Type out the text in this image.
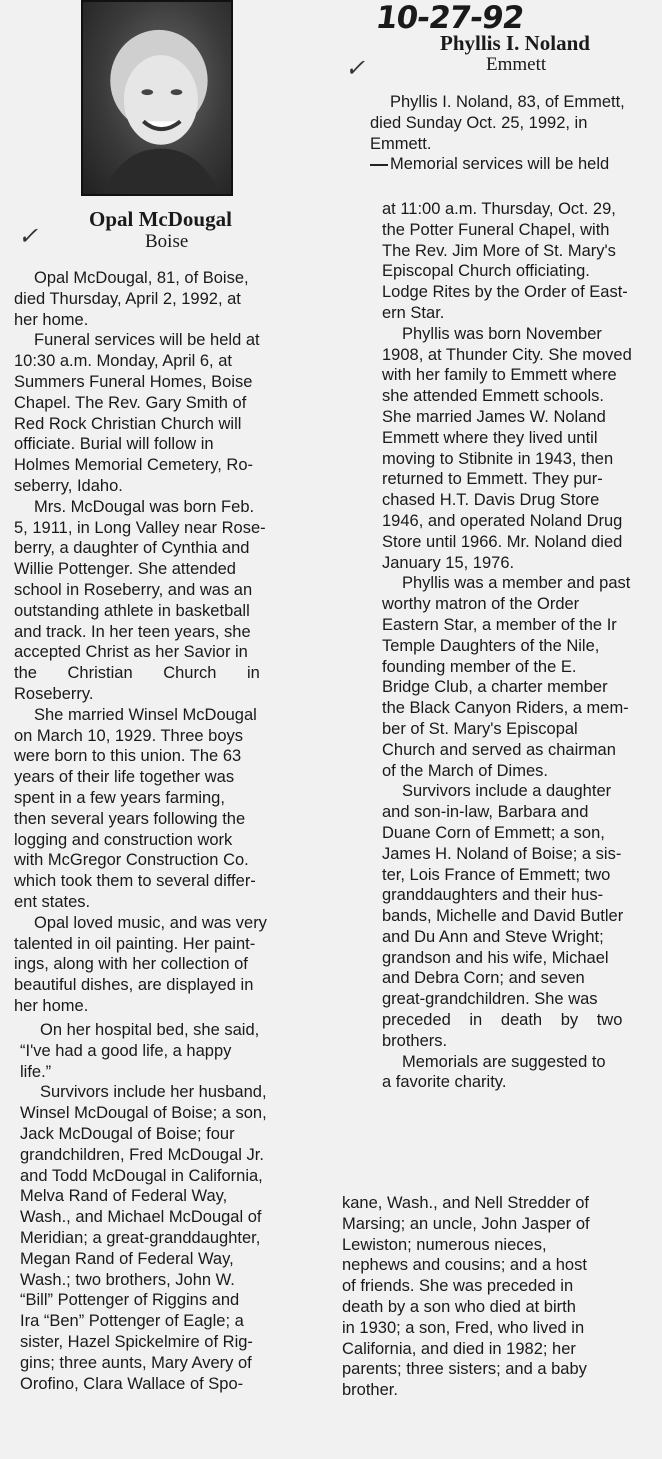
10-27-92
✓
✓
Opal McDougal
Boise
Phyllis I. Noland
Emmett
Opal McDougal, 81, of Boise,
died Thursday, April 2, 1992, at
her home.
Funeral services will be held at
10:30 a.m. Monday, April 6, at
Summers Funeral Homes, Boise
Chapel. The Rev. Gary Smith of
Red Rock Christian Church will
officiate. Burial will follow in
Holmes Memorial Cemetery, Ro-
seberry, Idaho.
Mrs. McDougal was born Feb.
5, 1911, in Long Valley near Rose-
berry, a daughter of Cynthia and
Willie Pottenger. She attended
school in Roseberry, and was an
outstanding athlete in basketball
and track. In her teen years, she
accepted Christ as her Savior in
the Christian Church in
Roseberry.
She married Winsel McDougal
on March 10, 1929. Three boys
were born to this union. The 63
years of their life together was
spent in a few years farming,
then several years following the
logging and construction work
with McGregor Construction Co.
which took them to several differ-
ent states.
Opal loved music, and was very
talented in oil painting. Her paint-
ings, along with her collection of
beautiful dishes, are displayed in
her home.
On her hospital bed, she said,
“I've had a good life, a happy
life.”
Survivors include her husband,
Winsel McDougal of Boise; a son,
Jack McDougal of Boise; four
grandchildren, Fred McDougal Jr.
and Todd McDougal in California,
Melva Rand of Federal Way,
Wash., and Michael McDougal of
Meridian; a great-granddaughter,
Megan Rand of Federal Way,
Wash.; two brothers, John W.
“Bill” Pottenger of Riggins and
Ira “Ben” Pottenger of Eagle; a
sister, Hazel Spickelmire of Rig-
gins; three aunts, Mary Avery of
Orofino, Clara Wallace of Spo-
kane, Wash., and Nell Stredder of
Marsing; an uncle, John Jasper of
Lewiston; numerous nieces,
nephews and cousins; and a host
of friends. She was preceded in
death by a son who died at birth
in 1930; a son, Fred, who lived in
California, and died in 1982; her
parents; three sisters; and a baby
brother.
Phyllis I. Noland, 83, of Emmett,
died Sunday Oct. 25, 1992, in
Emmett.
Memorial services will be held
at 11:00 a.m. Thursday, Oct. 29,
the Potter Funeral Chapel, with
The Rev. Jim More of St. Mary's
Episcopal Church officiating.
Lodge Rites by the Order of East-
ern Star.
Phyllis was born November
1908, at Thunder City. She moved
with her family to Emmett where
she attended Emmett schools.
She married James W. Noland
Emmett where they lived until
moving to Stibnite in 1943, then
returned to Emmett. They pur-
chased H.T. Davis Drug Store
1946, and operated Noland Drug
Store until 1966. Mr. Noland died
January 15, 1976.
Phyllis was a member and past
worthy matron of the Order
Eastern Star, a member of the Ir
Temple Daughters of the Nile,
founding member of the E.
Bridge Club, a charter member
the Black Canyon Riders, a mem-
ber of St. Mary's Episcopal
Church and served as chairman
of the March of Dimes.
Survivors include a daughter
and son-in-law, Barbara and
Duane Corn of Emmett; a son,
James H. Noland of Boise; a sis-
ter, Lois France of Emmett; two
granddaughters and their hus-
bands, Michelle and David Butler
and Du Ann and Steve Wright;
grandson and his wife, Michael
and Debra Corn; and seven
great-grandchildren. She was
preceded in death by two
brothers.
Memorials are suggested to
a favorite charity.
